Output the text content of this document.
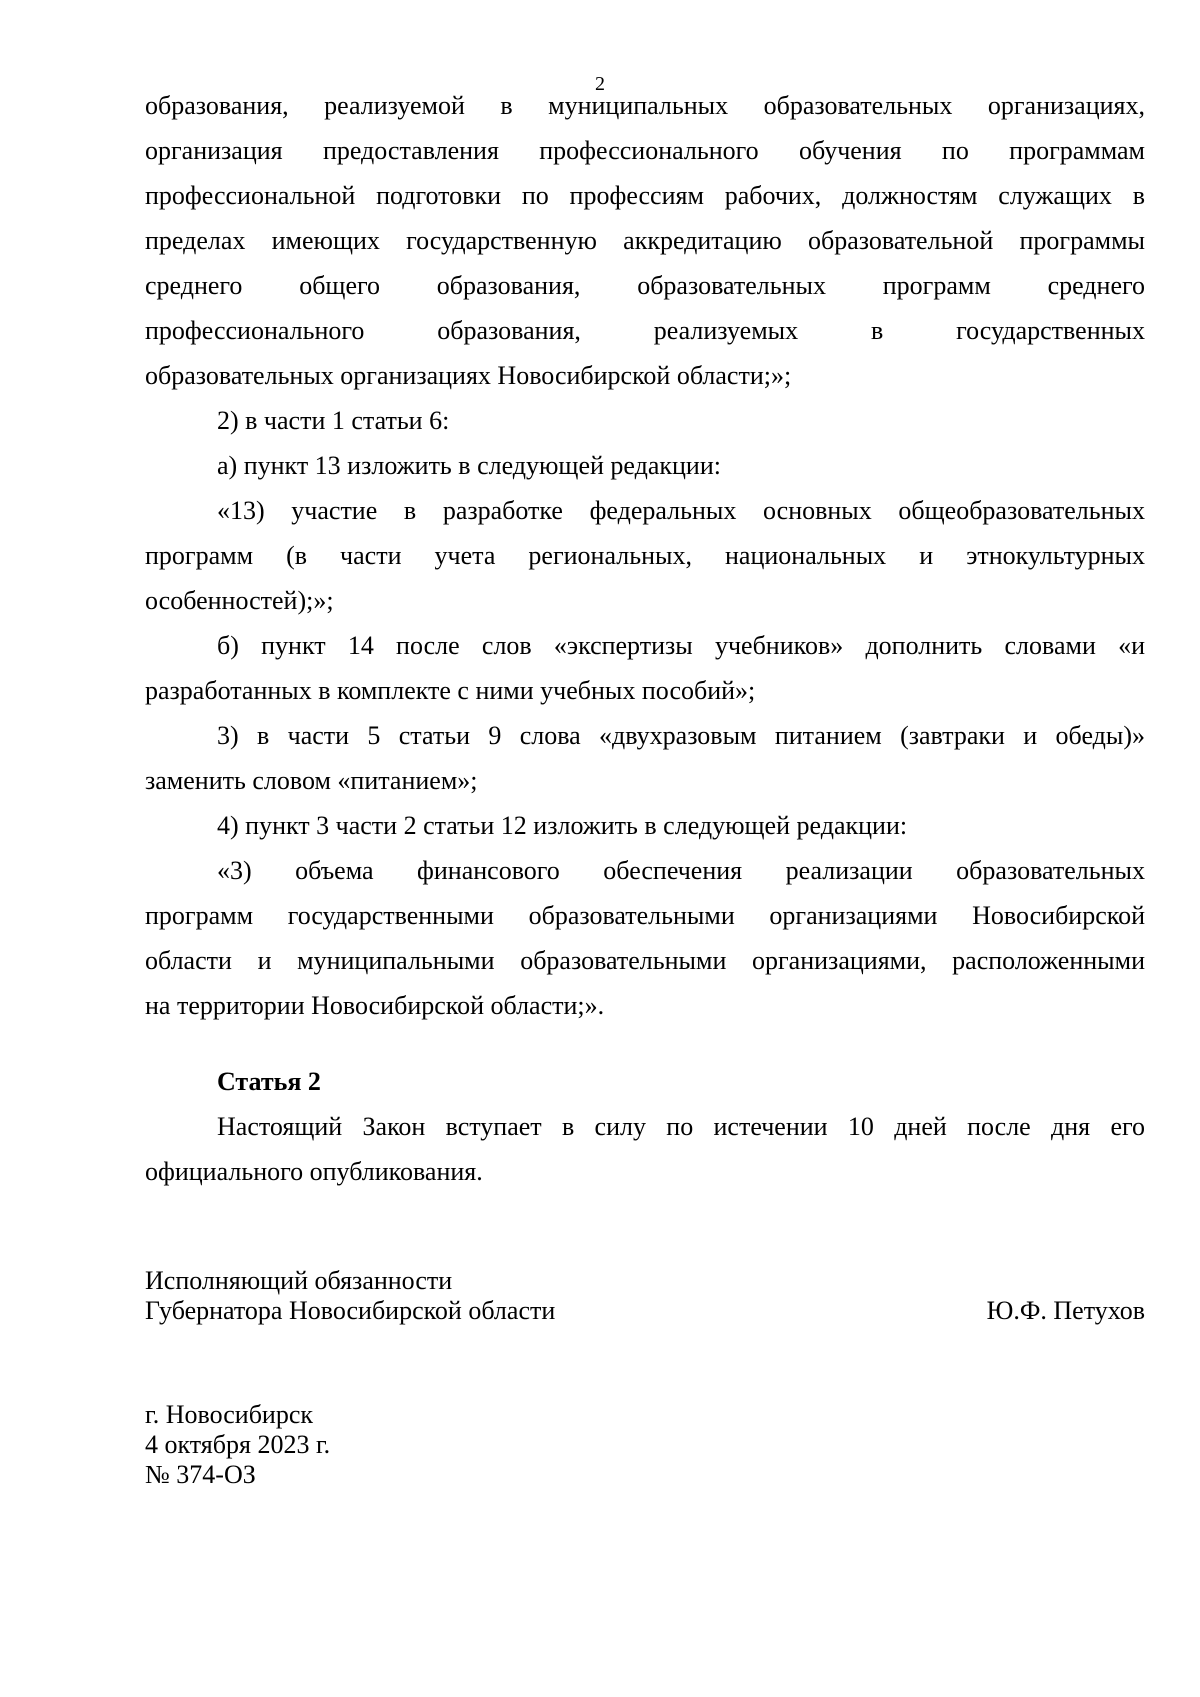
2
образования, реализуемой в муниципальных образовательных организациях,
организация предоставления профессионального обучения по программам
профессиональной подготовки по профессиям рабочих, должностям служащих в
пределах имеющих государственную аккредитацию образовательной программы
среднего общего образования, образовательных программ среднего
профессионального образования, реализуемых в государственных
образовательных организациях Новосибирской области;»;
2) в части 1 статьи 6:
а) пункт 13 изложить в следующей редакции:
«13) участие в разработке федеральных основных общеобразовательных
программ (в части учета региональных, национальных и этнокультурных
особенностей);»;
б) пункт 14 после слов «экспертизы учебников» дополнить словами «и
разработанных в комплекте с ними учебных пособий»;
3) в части 5 статьи 9 слова «двухразовым питанием (завтраки и обеды)»
заменить словом «питанием»;
4) пункт 3 части 2 статьи 12 изложить в следующей редакции:
«3) объема финансового обеспечения реализации образовательных
программ государственными образовательными организациями Новосибирской
области и муниципальными образовательными организациями, расположенными
на территории Новосибирской области;».
Статья 2
Настоящий Закон вступает в силу по истечении 10 дней после дня его
официального опубликования.
Исполняющий обязанности
Губернатора Новосибирской области	Ю.Ф. Петухов
г. Новосибирск
4 октября 2023 г.
№ 374-ОЗ
